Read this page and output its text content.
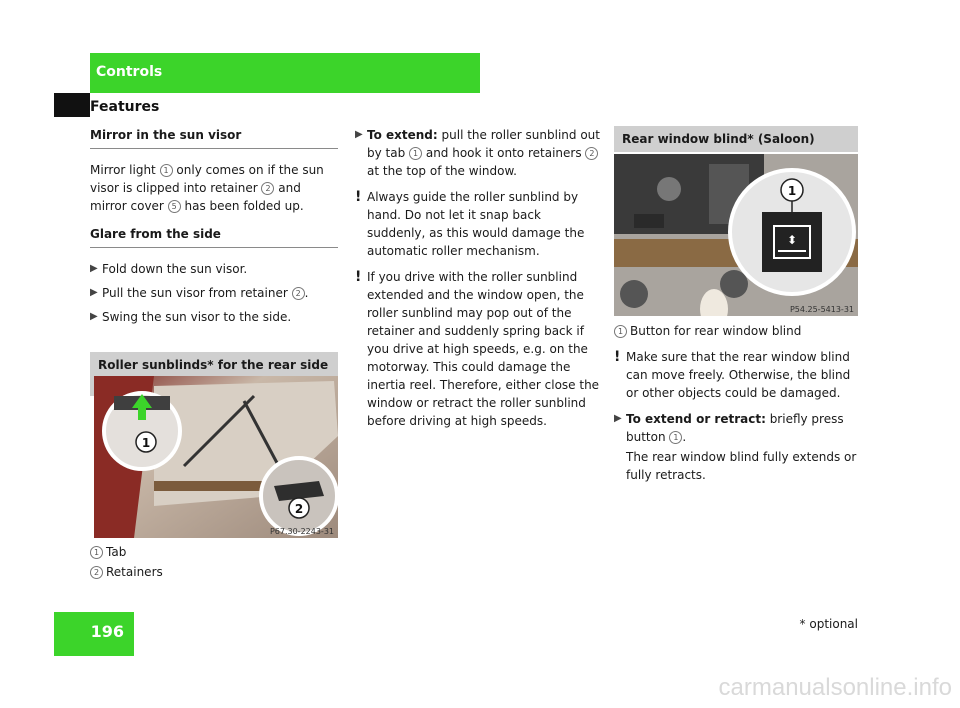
Controls
Features
Mirror in the sun visor

Mirror light 1 only comes on if the sun visor is clipped into retainer 2 and mirror cover 5 has been folded up.

Glare from the side
▶ Fold down the sun visor.
▶ Pull the sun visor from retainer 2 .
▶ Swing the sun visor to the side.
Roller sunblinds* for the rear side
1
2
P67.30-2243-31
1 Tab
2 Retainers
▶ To extend: pull the roller sunblind out by tab 1 and hook it onto retainers 2 at the top of the window.
! Always guide the roller sunblind by hand. Do not let it snap back suddenly, as this would damage the automatic roller mechanism.
! If you drive with the roller sunblind extended and the window open, the roller sunblind may pop out of the retainer and suddenly spring back if you drive at high speeds, e.g. on the motorway. This could damage the inertia reel. Therefore, either close the window or retract the roller sunblind before driving at high speeds.
Rear window blind* (Saloon)
⬍
1
P54.25-5413-31
1 Button for rear window blind
! Make sure that the rear window blind can move freely. Otherwise, the blind or other objects could be damaged.
▶ To extend or retract: briefly press button 1 .
The rear window blind fully extends or fully retracts.
196	* optional
carmanualsonline.info
